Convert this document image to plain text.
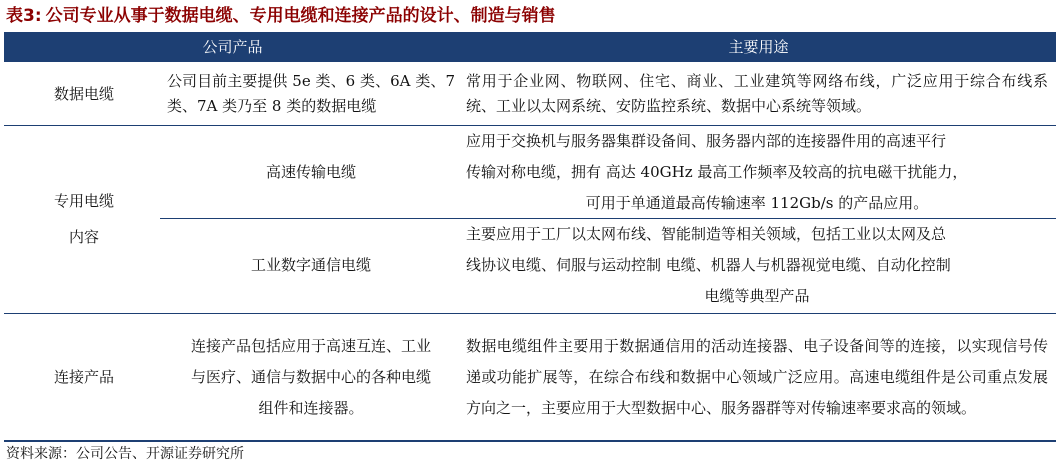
表3: 公司专业从事于数据电缆、专用电缆和连接产品的设计、制造与销售
公司产品	主要用途
数据电缆
公司目前主要提供 5e 类、6 类、6A 类、7 类、7A 类乃至 8 类的数据电缆
常用于企业网、物联网、住宅、商业、工业建筑等网络布线，广泛应用于综合布线系统、工业以太网系统、安防监控系统、数据中心系统等领域。
专用电缆
内容
高速传输电缆
应用于交换机与服务器集群设备间、服务器内部的连接器件用的高速平行
传输对称电缆，拥有 高达 40GHz 最高工作频率及较高的抗电磁干扰能力，
可用于单通道最高传输速率 112Gb/s 的产品应用。
工业数字通信电缆
主要应用于工厂以太网布线、智能制造等相关领域，包括工业以太网及总
线协议电缆、伺服与运动控制 电缆、机器人与机器视觉电缆、自动化控制
电缆等典型产品
连接产品
连接产品包括应用于高速互连、工业
与医疗、通信与数据中心的各种电缆
组件和连接器。
数据电缆组件主要用于数据通信用的活动连接器、电子设备间等的连接，以实现信号传递或功能扩展等，在综合布线和数据中心领域广泛应用。高速电缆组件是公司重点发展方向之一，主要应用于大型数据中心、服务器群等对传输速率要求高的领域。
资料来源：公司公告、开源证券研究所
